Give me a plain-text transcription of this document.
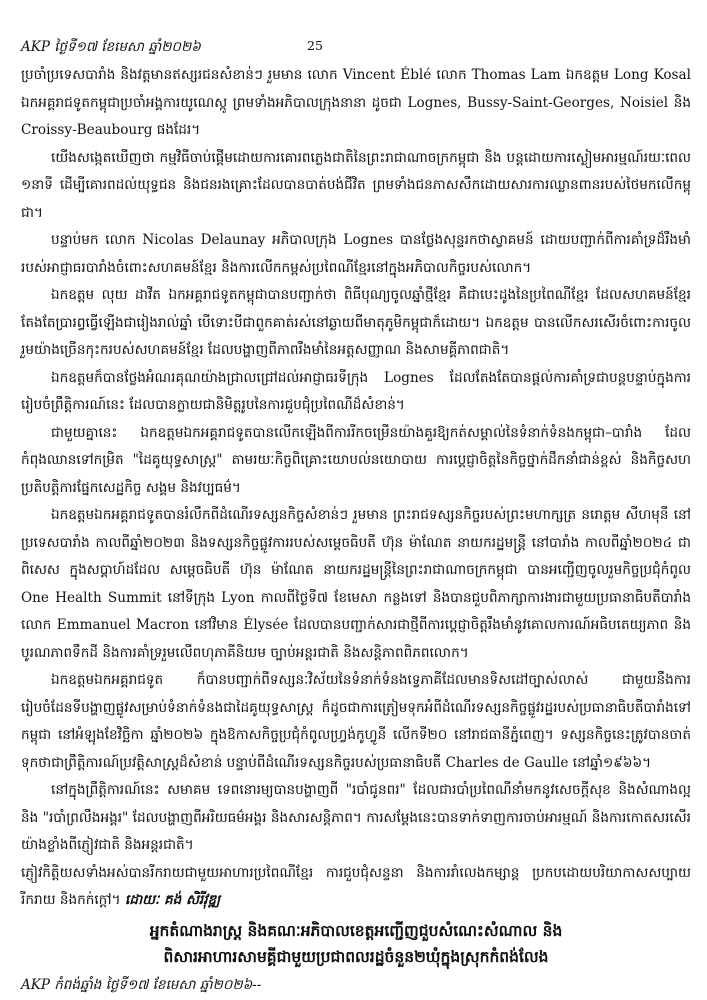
AKP ថ្ងៃទី១៧ ខែមេសា ឆ្នាំ២០២៦	25

ប្រចាំប្រទេសបារាំង និងវត្តមានឥស្សរជនសំខាន់ៗ រួមមាន លោក Vincent Éblé លោក Thomas Lam ឯកឧត្តម Long Kosal ឯកអគ្គរាជទូតកម្ពុជាប្រចាំអង្គការយូណេស្កូ ព្រមទាំងអភិបាលក្រុងនានា ដូចជា Lognes, Bussy-Saint-Georges, Noisiel និង Croissy-Beaubourg ផងដែរ។

យើងសង្កេតឃើញថា កម្មវិធីចាប់ផ្តើមដោយការគោរពភ្លេងជាតិនៃព្រះរាជាណាចក្រកម្ពុជា និង បន្តដោយការស្ងៀមអារម្មណ៍រយៈពេល ១នាទី ដើម្បីគោរពដល់យុទ្ធជន និងជនរងគ្រោះដែលបានបាត់បង់ជីវិត ព្រមទាំងជនភាសសឹកដោយសារការឈ្លានពានរបស់ថៃមកលើកម្ពុជា។

បន្ទាប់មក លោក Nicolas Delaunay អភិបាលក្រុង Lognes បានថ្លែងសុន្ទរកថាស្វាគមន៍ ដោយបញ្ជាក់ពីការគាំទ្រដ៏រឹងមាំរបស់អាជ្ញាធរបារាំងចំពោះសហគមន៍ខ្មែរ និងការលើកកម្ពស់ប្រពៃណីខ្មែរនៅក្នុងអភិបាលកិច្ចរបស់លោក។

ឯកឧត្តម លុយ ដាវីត ឯកអគ្គរាជទូតកម្ពុជាបានបញ្ជាក់ថា ពិធីបុណ្យចូលឆ្នាំថ្មីខ្មែរ គឺជាបេះដូងនៃប្រពៃណីខ្មែរ ដែលសហគមន៍ខ្មែរតែងតែប្រារព្ធធ្វើឡើងជារៀងរាល់ឆ្នាំ បើទោះបីជាពួកគាត់រស់នៅឆ្ងាយពីមាតុភូមិកម្ពុជាក៏ដោយ។ ឯកឧត្តម បានលើកសរសើរចំពោះការចូលរួមយ៉ាងច្រើនកុះករបស់សហគមន៍ខ្មែរ ដែលបង្ហាញពីភាពរឹងមាំនៃអត្តសញ្ញាណ និងសាមគ្គីភាពជាតិ។

ឯកឧត្តមក៏បានថ្លែងអំណរគុណយ៉ាងជ្រាលជ្រៅដល់អាជ្ញាធរទីក្រុង Lognes ដែលតែងតែបានផ្តល់ការគាំទ្រជាបន្តបន្ទាប់ក្នុងការរៀបចំព្រឹត្តិការណ៍នេះ ដែលបានក្លាយជានិមិត្តរូបនៃការជួបជុំប្រពៃណីដ៏សំខាន់។

ជាមួយគ្នានេះ ឯកឧត្តមឯកអគ្គរាជទូតបានលើកឡើងពីការរីកចម្រើនយ៉ាងគួរឱ្យកត់សម្គាល់នៃទំនាក់ទំនងកម្ពុជា–បារាំង ដែលកំពុងឈានទៅកម្រិត "ដៃគូយុទ្ធសាស្ត្រ" តាមរយៈកិច្ចពិគ្រោះយោបល់នយោបាយ ការប្តេជ្ញាចិត្តនៃកិច្ចថ្នាក់ដឹកនាំជាន់ខ្ពស់ និងកិច្ចសហប្រតិបត្តិការផ្នែកសេដ្ឋកិច្ច សង្គម និងវប្បធម៌។

ឯកឧត្តមឯកអគ្គរាជទូតបានរំលឹកពីដំណើរទស្សនកិច្ចសំខាន់ៗ រួមមាន ព្រះរាជទស្សនកិច្ចរបស់ព្រះមហាក្សត្រ នរោត្តម សីហមុនី នៅប្រទេសបារាំង កាលពីឆ្នាំ២០២៣ និងទស្សនកិច្ចផ្លូវការរបស់សម្តេចធិបតី ហ៊ុន ម៉ាណែត នាយករដ្ឋមន្ត្រី នៅបារាំង កាលពីឆ្នាំ២០២៤ ជាពិសេស ក្នុងសប្តាហ៍ដដែល សម្តេចធិបតី ហ៊ុន ម៉ាណែត នាយករដ្ឋមន្ត្រីនៃព្រះរាជាណាចក្រកម្ពុជា បានអញ្ជើញចូលរួមកិច្ចប្រជុំកំពូល One Health Summit នៅទីក្រុង Lyon កាលពីថ្ងៃទី៧ ខែមេសា កន្លងទៅ និងបានជួបពិភាក្សាការងារជាមួយប្រធានាធិបតីបារាំង លោក Emmanuel Macron នៅវិមាន Élysée ដែលបានបញ្ជាក់សារជាថ្មីពីការប្តេជ្ញាចិត្តរឹងមាំនូវគោលការណ៍អធិបតេយ្យភាព និងបូរណភាពទឹកដី និងការគាំទ្ររួមលើពហុភាគីនិយម ច្បាប់អន្តរជាតិ និងសន្តិភាពពិភពលោក។

ឯកឧត្តមឯកអគ្គរាជទូត ក៏បានបញ្ជាក់ពីទស្សនៈវិស័យនៃទំនាក់ទំនងទ្វេភាគីដែលមានទិសដៅច្បាស់លាស់ ជាមួយនឹងការរៀបចំដែនទីបង្ហាញផ្លូវសម្រាប់ទំនាក់ទំនងជាដៃគូយុទ្ធសាស្ត្រ ក៏ដូចជាការត្រៀមទុកអំពីដំណើរទស្សនកិច្ចផ្លូវរដ្ឋរបស់ប្រធានាធិបតីបារាំងទៅកម្ពុជា នៅអំឡុងខែវិច្ឆិកា ឆ្នាំ២០២៦ ក្នុងឱកាសកិច្ចប្រជុំកំពូលហ្វ្រង់កូហ្វូនី លើកទី២០ នៅរាជធានីភ្នំពេញ។ ទស្សនកិច្ចនេះត្រូវបានចាត់ទុកថាជាព្រឹត្តិការណ៍ប្រវត្តិសាស្ត្រដ៏សំខាន់ បន្ទាប់ពីដំណើរទស្សនកិច្ចរបស់ប្រធានាធិបតី Charles de Gaulle នៅឆ្នាំ១៩៦៦។

នៅក្នុងព្រឹត្តិការណ៍នេះ សមាគម ទេពនោរម្យបានបង្ហាញពី "របាំជូនពរ" ដែលជារបាំប្រពៃណីនាំមកនូវសេចក្តីសុខ និងសំណាងល្អ និង "របាំព្រលឹងអង្គរ" ដែលបង្ហាញពីអរិយធម៌អង្គរ និងសារសន្តិភាព។ ការសម្តែងនេះបានទាក់ទាញការចាប់អារម្មណ៍ និងការកោតសរសើរយ៉ាងខ្លាំងពីភ្ញៀវជាតិ និងអន្តរជាតិ។

ភ្ញៀវកិត្តិយសទាំងអស់បានរីករាយជាមួយអាហារប្រពៃណីខ្មែរ ការជួបជុំសន្ទនា និងការរាំលេងកម្សាន្ត ប្រកបដោយបរិយាកាសសប្បាយរីករាយ និងកក់ក្តៅ។ ដោយៈ គង់ សិរីវុឌ្ឍ

អ្នកតំណាងរាស្ត្រ និងគណៈអភិបាលខេត្តអញ្ជើញជួបសំណេះសំណាល និង
ពិសារអាហារសាមគ្គីជាមួយប្រជាពលរដ្ឋចំនួន២ឃុំក្នុងស្រុកកំពង់លែង
AKP កំពង់ឆ្នាំង ថ្ងៃទី១៧ ខែមេសា ឆ្នាំ២០២៦--
